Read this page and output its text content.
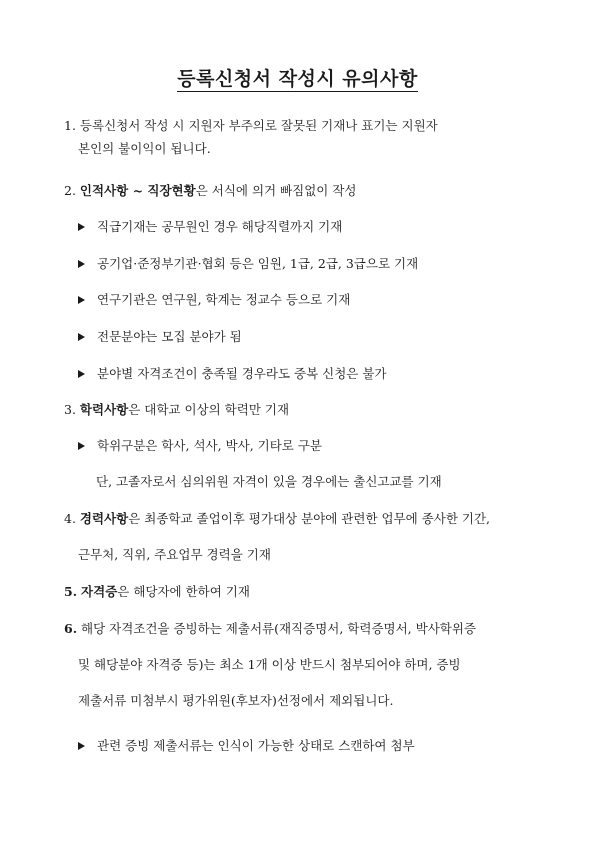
등록신청서 작성시 유의사항
1. 등록신청서 작성 시 지원자 부주의로 잘못된 기재나 표기는 지원자
본인의 불이익이 됩니다.
2. 인적사항 ~ 직장현황은 서식에 의거 빠짐없이 작성
직급기재는 공무원인 경우 해당직렬까지 기재
공기업·준정부기관·협회 등은 임원, 1급, 2급, 3급으로 기재
연구기관은 연구원, 학계는 정교수 등으로 기재
전문분야는 모집 분야가 됨
분야별 자격조건이 충족될 경우라도 중복 신청은 불가
3. 학력사항은 대학교 이상의 학력만 기재
학위구분은 학사, 석사, 박사, 기타로 구분
단, 고졸자로서 심의위원 자격이 있을 경우에는 출신고교를 기재
4. 경력사항은 최종학교 졸업이후 평가대상 분야에 관련한 업무에 종사한 기간,
근무처, 직위, 주요업무 경력을 기재
5. 자격증은 해당자에 한하여 기재
6. 해당 자격조건을 증빙하는 제출서류(재직증명서, 학력증명서, 박사학위증
및 해당분야 자격증 등)는 최소 1개 이상 반드시 첨부되어야 하며, 증빙
제출서류 미첨부시 평가위원(후보자)선정에서 제외됩니다.
관련 증빙 제출서류는 인식이 가능한 상태로 스캔하여 첨부
